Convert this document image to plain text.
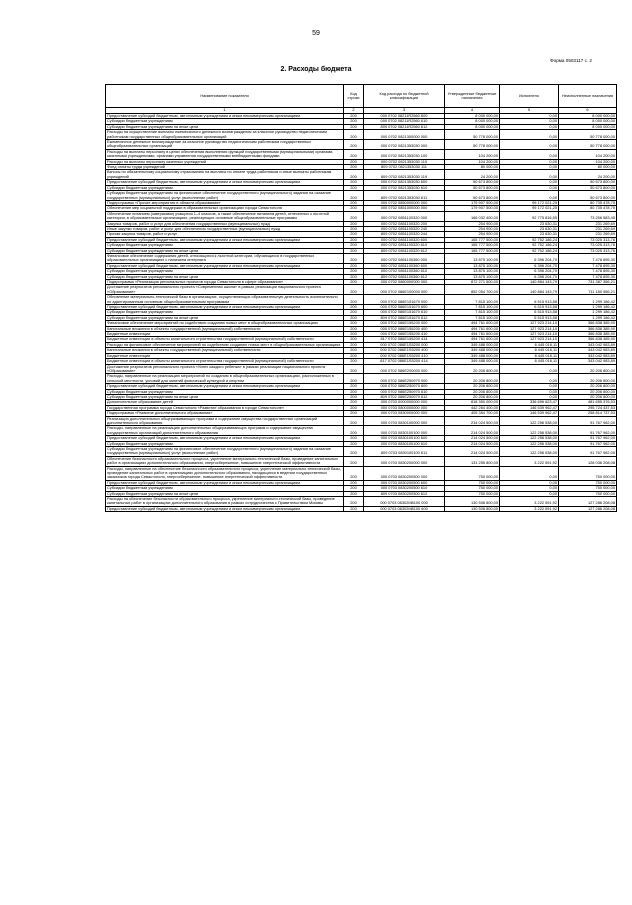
59
Форма 0503117 с. 2
2. Расходы бюджета
Наименование показателя	Код строки	Код расхода по бюджетной классификации	Утвержденные бюджетные назначения	Исполнено	Неисполненные назначения
1	2	3	4	5	6
Предоставление субсидий бюджетным, автономным учреждениям и иным некоммерческим организациям	200	000 0702 08211R2560 600	8 000 000,00	0,00	8 000 000,00
Субсидии бюджетным учреждениям	200	000 0702 08211R2560 610	8 000 000,00	0,00	8 000 000,00
Субсидии бюджетным учреждениям на иные цели	200	809 0702 08211R2560 612	8 000 000,00	0,00	8 000 000,00
Расходы на осуществление выплаты ежемесячного денежного вознаграждения за классное руководство педагогическим работникам государственных общеобразовательных организаций	200	000 0702 0821300000 000	50 778 000,00	0,00	50 778 000,00
Ежемесячное денежное вознаграждение за классное руководство педагогическим работникам государственных общеобразовательных организаций	200	000 0702 0821353030 000	50 778 000,00	0,00	50 778 000,00
Расходы на выплаты персоналу в целях обеспечения выполнения функций государственными (муниципальными) органами, казенными учреждениями, органами управления государственными внебюджетными фондами	200	000 0702 0821353030 100	104 200,00	0,00	104 200,00
Расходы на выплаты персоналу казенных учреждений	200	000 0702 0821353030 110	104 200,00	0,00	104 200,00
Фонд оплаты труда учреждений	200	809 0702 0821353030 111	80 000,00	0,00	80 000,00
Взносы по обязательному социальному страхованию на выплаты по оплате труда работников и иные выплаты работникам учреждений	200	809 0702 0821353030 119	24 200,00	0,00	24 200,00
Предоставление субсидий бюджетным, автономным учреждениям и иным некоммерческим организациям	200	000 0702 0821353030 600	50 673 800,00	0,00	50 673 800,00
Субсидии бюджетным учреждениям	200	000 0702 0821353030 610	50 673 800,00	0,00	50 673 800,00
Субсидии бюджетным учреждениям на финансовое обеспечение государственного (муниципального) задания на оказание государственных (муниципальных) услуг (выполнение работ)	200	809 0702 0821353030 611	50 673 800,00	0,00	50 673 800,00
Подпрограмма «Прочие мероприятия в области образования»	200	000 0702 0850000000 000	179 907 500,00	99 172 021,25	80 735 478,75
Обеспечение мер социальной поддержки в образовательных организациях города Севастополя	200	000 0702 0851000000 000	179 907 500,00	99 172 021,25	80 735 478,75
Обеспечение питанием (завтраками) учащихся 1–4 классов, а также обеспечение питанием детей, отнесенных к льготной категории, в образовательных организациях, реализующих основные общеобразовательные программы	200	000 0702 0851100320 000	166 032 400,00	92 775 816,55	73 256 583,45
Закупка товаров, работ и услуг для обеспечения государственных (муниципальных) нужд	200	000 0702 0851100320 200	254 900,00	23 630,31	231 269,69
Иные закупки товаров, работ и услуг для обеспечения государственных (муниципальных) нужд	200	000 0702 0851100320 240	254 900,00	23 630,31	231 269,69
Прочая закупка товаров, работ и услуг	200	809 0702 0851100320 244	254 900,00	23 630,31	231 269,69
Предоставление субсидий бюджетным, автономным учреждениям и иным некоммерческим организациям	200	000 0702 0851100320 600	165 777 500,00	92 752 186,24	73 025 313,76
Субсидии бюджетным учреждениям	200	000 0702 0851100320 610	165 777 500,00	92 752 186,24	73 025 313,76
Субсидии бюджетным учреждениям на иные цели	200	809 0702 0851100320 612	165 777 500,00	92 752 186,24	73 025 313,76
Финансовое обеспечение содержания детей, относящихся к льготной категории, обучающихся в государственных образовательных организациях с наличием интерната	200	000 0702 0851100360 000	13 875 100,00	6 396 204,70	7 478 895,30
Предоставление субсидий бюджетным, автономным учреждениям и иным некоммерческим организациям	200	000 0702 0851100360 600	13 875 100,00	6 396 204,70	7 478 895,30
Субсидии бюджетным учреждениям	200	000 0702 0851100360 610	13 875 100,00	6 396 204,70	7 478 895,30
Субсидии бюджетным учреждениям на иные цели	200	809 0702 0851100360 612	13 875 100,00	6 396 204,70	7 478 895,30
Подпрограмма «Реализация региональных проектов города Севастополя в сфере образования»	200	000 0702 0860000000 000	872 271 500,00	140 884 143,79	731 387 356,21
Достижение результатов регионального проекта «Современная школа» в рамках реализации национального проекта «Образование»	200	000 0702 086E100000 000	852 054 700,00	140 884 143,79	711 180 556,21
Обновление материально-технической базы в организациях, осуществляющих образовательную деятельность исключительно по адаптированным основным общеобразовательным программам	200	000 0702 086E151670 000	7 815 100,00	6 515 913,58	1 299 186,42
Предоставление субсидий бюджетным, автономным учреждениям и иным некоммерческим организациям	200	000 0702 086E151670 600	7 815 100,00	6 515 913,58	1 299 186,42
Субсидии бюджетным учреждениям	200	000 0702 086E151670 610	7 815 100,00	6 515 913,58	1 299 186,42
Субсидии бюджетным учреждениям на иные цели	200	809 0702 086E151670 612	7 815 100,00	6 515 913,58	1 299 186,42
Финансовое обеспечение мероприятий по содействию созданию новых мест в общеобразовательных организациях	200	000 0702 086E155200 000	494 761 600,00	127 923 214,10	366 838 385,90
Капитальные вложения в объекты государственной (муниципальной) собственности	200	000 0702 086E155200 400	494 761 600,00	127 923 214,10	366 838 385,90
Бюджетные инвестиции	200	000 0702 086E155200 410	494 761 600,00	127 923 214,10	366 838 385,90
Бюджетные инвестиции в объекты капитального строительства государственной (муниципальной) собственности	200	817 0702 086E155200 414	494 761 600,00	127 923 214,10	366 838 385,90
Расходы на финансовое обеспечение мероприятий по содействию созданию новых мест в общеобразовательных организациях	200	000 0702 086E1S5200 000	349 488 000,00	6 445 016,11	343 042 983,89
Капитальные вложения в объекты государственной (муниципальной) собственности	200	000 0702 086E1S5200 400	349 488 000,00	6 445 016,11	343 042 983,89
Бюджетные инвестиции	200	000 0702 086E1S5200 410	349 488 000,00	6 445 016,11	343 042 983,89
Бюджетные инвестиции в объекты капитального строительства государственной (муниципальной) собственности	200	817 0702 086E1S5200 414	349 488 000,00	6 445 016,11	343 042 983,89
Достижение результатов регионального проекта «Успех каждого ребенка» в рамках реализации национального проекта «Образование»	200	000 0702 086E200000 000	20 206 800,00	0,00	20 206 800,00
Расходы, направленные на реализацию мероприятий по созданию в общеобразовательных организациях, расположенных в сельской местности, условий для занятий физической культурой и спортом	200	000 0702 086E250970 000	20 206 800,00	0,00	20 206 800,00
Предоставление субсидий бюджетным, автономным учреждениям и иным некоммерческим организациям	200	000 0702 086E250970 600	20 206 800,00	0,00	20 206 800,00
Субсидии бюджетным учреждениям	200	000 0702 086E250970 610	20 206 800,00	0,00	20 206 800,00
Субсидии бюджетным учреждениям на иные цели	200	809 0702 086E250970 612	20 206 800,00	0,00	20 206 800,00
Дополнительное образование детей	200	000 0703 0000000000 000	818 350 000,00	336 696 623,47	481 655 376,53
Государственная программа города Севастополя «Развитие образования в городе Севастополе»	200	000 0703 0800000000 000	442 264 400,00	146 539 962,47	295 724 437,53
Подпрограмма «Развитие дополнительного образования»	200	000 0703 0830000000 000	405 354 700,00	146 539 962,47	258 814 737,53
Реализация дополнительных общеразвивающих программ и содержание имущества государственных организаций дополнительного образования	200	000 0703 0830100000 000	214 024 500,00	122 256 538,00	91 767 962,00
Расходы, направленные на реализацию дополнительных общеразвивающих программ и содержание имущества государственных организаций дополнительного образования	200	000 0703 0830100100 000	214 024 500,00	122 256 538,00	91 767 962,00
Предоставление субсидий бюджетным, автономным учреждениям и иным некоммерческим организациям	200	000 0703 0830100100 600	214 024 500,00	122 256 538,00	91 767 962,00
Субсидии бюджетным учреждениям	200	000 0703 0830100100 610	214 024 500,00	122 256 538,00	91 767 962,00
Субсидии бюджетным учреждениям на финансовое обеспечение государственного (муниципального) задания на оказание государственных (муниципальных) услуг (выполнение работ)	200	809 0703 0830100100 611	214 024 500,00	122 256 538,00	91 767 962,00
Обеспечение безопасности образовательного процесса, укрепление материально-технической базы, проведение капитальных работ в организациях дополнительного образования, энергосбережение, повышение энергетической эффективности	200	000 0703 0830200000 000	131 255 800,00	3 222 591,92	128 036 208,08
Расходы, направленные на обеспечение безопасности образовательного процесса, укрепление материально-технической базы, проведение капитальных работ в организациях дополнительного образования, находящихся в ведении государственных заказчиков города Севастополя, энергосбережение, повышение энергетической эффективности	200	000 0703 0830200500 000	750 000,00	0,00	750 000,00
Предоставление субсидий бюджетным, автономным учреждениям и иным некоммерческим организациям	200	000 0703 0830200500 600	750 000,00	0,00	750 000,00
Субсидии бюджетным учреждениям	200	000 0703 0830200500 610	750 000,00	0,00	750 000,00
Субсидии бюджетным учреждениям на иные цели	200	809 0703 0830200500 612	750 000,00	0,00	750 000,00
Расходы на обеспечение безопасности образовательного процесса, укрепление материально-технической базы, проведение капитальных работ в организациях дополнительного образования в рамках сотрудничества с Правительством Москвы	200	000 0703 08302M8100 000	130 508 800,00	3 222 591,92	127 286 208,08
Предоставление субсидий бюджетным, автономным учреждениям и иным некоммерческим организациям	200	000 0703 08302M8100 600	130 508 800,00	3 222 591,92	127 286 208,08
